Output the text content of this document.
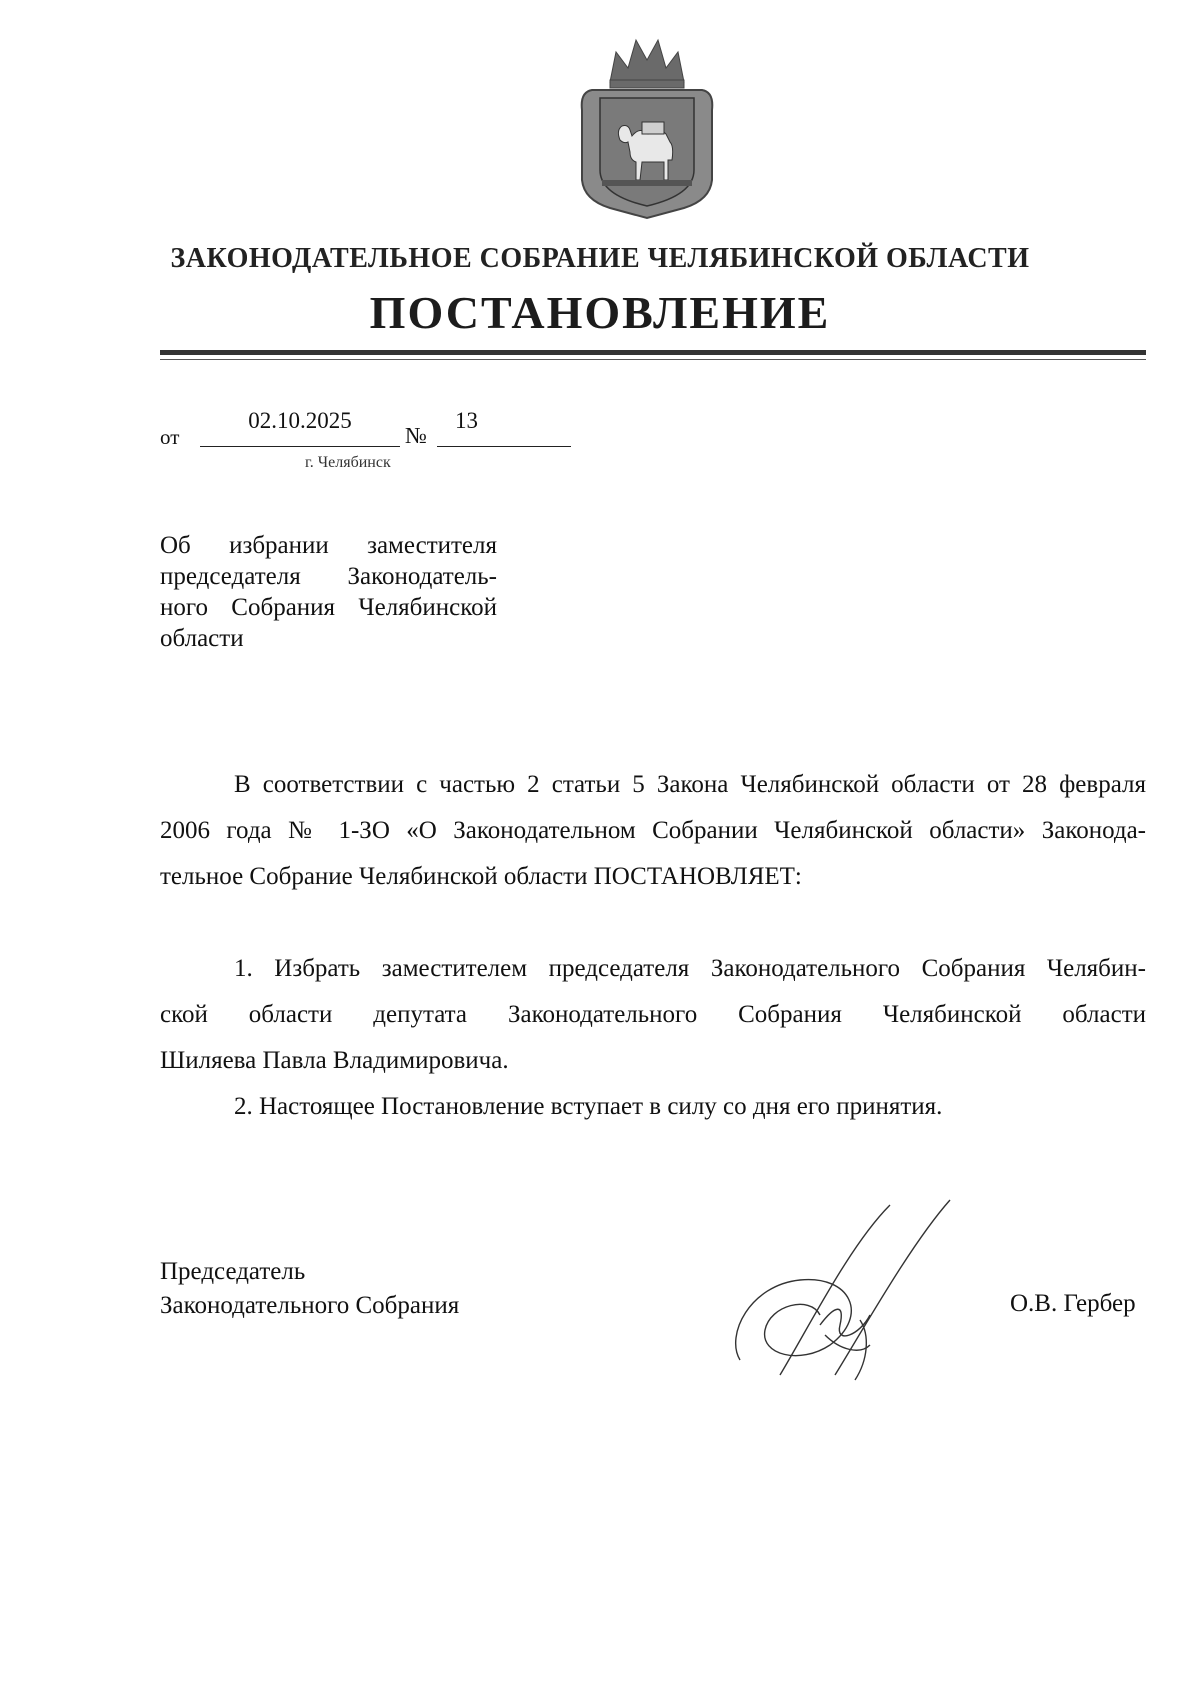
ЗАКОНОДАТЕЛЬНОЕ СОБРАНИЕ ЧЕЛЯБИНСКОЙ ОБЛАСТИ
ПОСТАНОВЛЕНИЕ
от
02.10.2025
№
13
г. Челябинск
Об избрании заместителя
председателя Законодатель-
ного Собрания Челябинской
области
В соответствии с частью 2 статьи 5 Закона Челябинской области от 28 февраля
2006 года № 1-ЗО «О Законодательном Собрании Челябинской области» Законода-
тельное Собрание Челябинской области ПОСТАНОВЛЯЕТ:
1. Избрать заместителем председателя Законодательного Собрания Челябин-
ской области депутата Законодательного Собрания Челябинской области
Шиляева Павла Владимировича.
2. Настоящее Постановление вступает в силу со дня его принятия.
Председатель
Законодательного Собрания	О.В. Гербер
